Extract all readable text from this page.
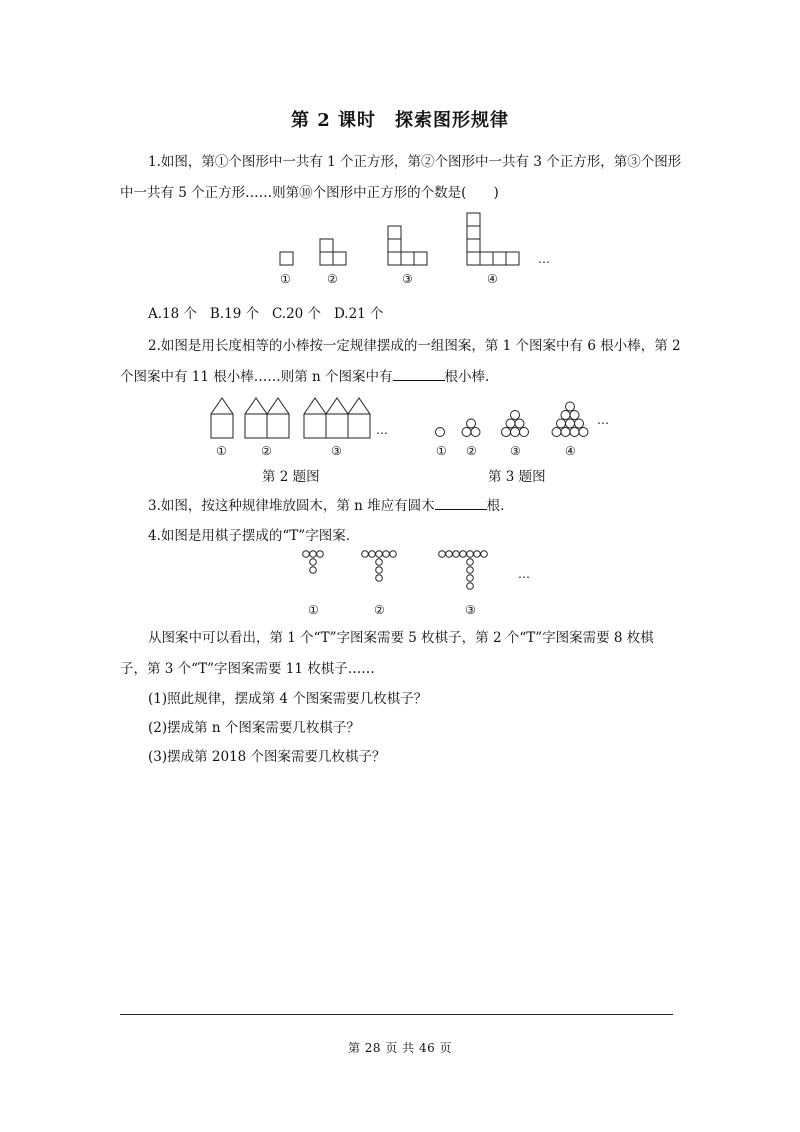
第 2 课时　探索图形规律
1.如图，第①个图形中一共有 1 个正方形，第②个图形中一共有 3 个正方形，第③个图形
中一共有 5 个正方形……则第⑩个图形中正方形的个数是(　　)
①	②	③	④
…
A.18 个 B.19 个 C.20 个 D.21 个
2.如图是用长度相等的小棒按一定规律摆成的一组图案，第 1 个图案中有 6 根小棒，第 2
个图案中有 11 根小棒……则第 n 个图案中有	根小棒.
…
①	②	③
第 2 题图
…
① ②	③	④
第 3 题图
3.如图，按这种规律堆放圆木，第 n 堆应有圆木	根.
4.如图是用棋子摆成的“T”字图案.
…
①	②	③
从图案中可以看出，第 1 个“T”字图案需要 5 枚棋子，第 2 个“T”字图案需要 8 枚棋
子，第 3 个“T”字图案需要 11 枚棋子……
(1)照此规律，摆成第 4 个图案需要几枚棋子？
(2)摆成第 n 个图案需要几枚棋子？
(3)摆成第 2018 个图案需要几枚棋子？
第 28 页 共 46 页
